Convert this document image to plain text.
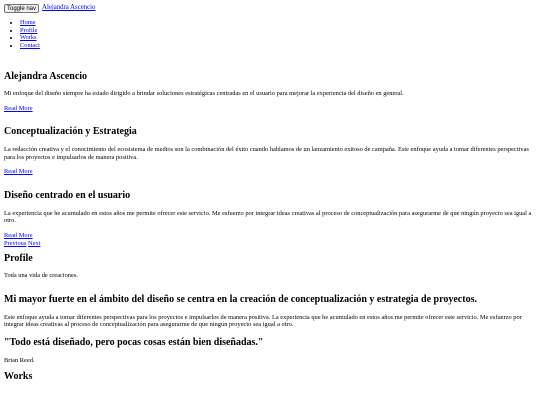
Toggle nav Alejandra Ascencio
• Home
• Profile
• Works
• Contact
Alejandra Ascencio

Mi enfoque del diseño siempre ha estado dirigido a brindar soluciones estratégicas centradas en el usuario para mejorar la experiencia del diseño en general.

Read More
Conceptualización y Estrategia

La redacción creativa y el conocimiento del ecosistema de medios son la combinación del éxito cuando hablamos de un lanzamiento exitoso de campaña. Este enfoque ayuda a tomar diferentes perspectivas para los proyectos e impulsarlos de manera positiva.

Read More
Diseño centrado en el usuario

La experiencia que he acumulado en estos años me permite ofrecer este servicio. Me esfuerzo por integrar ideas creativas al proceso de conceptualización para asegurarme de que ningún proyecto sea igual a otro.

Read More
Previous Next
Profile

Toda una vida de creaciones.

Mi mayor fuerte en el ámbito del diseño se centra en la creación de conceptualización y estrategia de proyectos.

Este enfoque ayuda a tomar diferentes perspectivas para los proyectos e impulsarlos de manera positiva. La experiencia que he acumulado en estos años me permite ofrecer este servicio. Me esfuerzo por integrar ideas creativas al proceso de conceptualización para asegurarme de que ningún proyecto sea igual a otro.

"Todo está diseñado, pero pocas cosas están bien diseñadas."

Brian Reed.

Works
